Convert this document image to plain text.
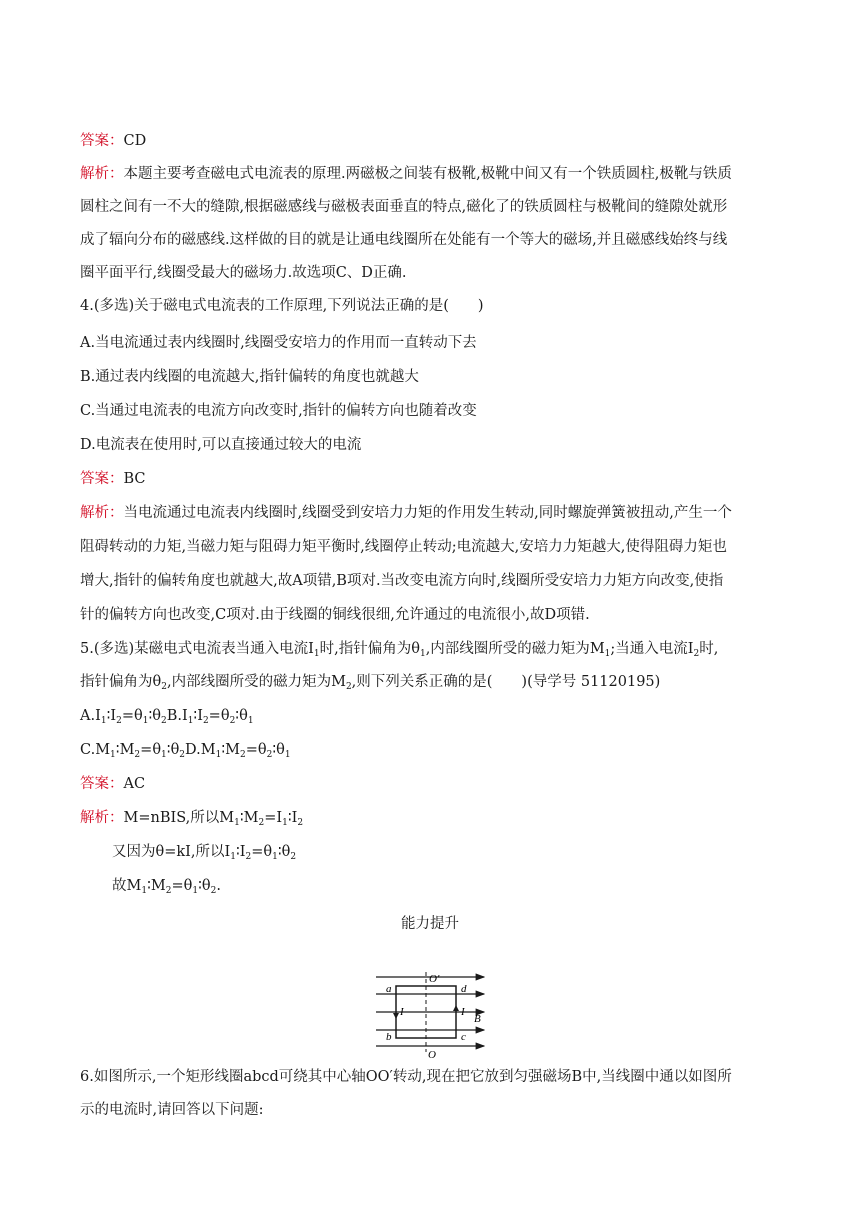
答案：CD
解析：本题主要考查磁电式电流表的原理.两磁极之间装有极靴,极靴中间又有一个铁质圆柱,极靴与铁质
圆柱之间有一不大的缝隙,根据磁感线与磁极表面垂直的特点,磁化了的铁质圆柱与极靴间的缝隙处就形
成了辐向分布的磁感线.这样做的目的就是让通电线圈所在处能有一个等大的磁场,并且磁感线始终与线
圈平面平行,线圈受最大的磁场力.故选项C、D正确.
4.(多选)关于磁电式电流表的工作原理,下列说法正确的是(　　)
A.当电流通过表内线圈时,线圈受安培力的作用而一直转动下去
B.通过表内线圈的电流越大,指针偏转的角度也就越大
C.当通过电流表的电流方向改变时,指针的偏转方向也随着改变
D.电流表在使用时,可以直接通过较大的电流
答案：BC
解析：当电流通过电流表内线圈时,线圈受到安培力力矩的作用发生转动,同时螺旋弹簧被扭动,产生一个
阻碍转动的力矩,当磁力矩与阻碍力矩平衡时,线圈停止转动;电流越大,安培力力矩越大,使得阻碍力矩也
增大,指针的偏转角度也就越大,故A项错,B项对.当改变电流方向时,线圈所受安培力力矩方向改变,使指
针的偏转方向也改变,C项对.由于线圈的铜线很细,允许通过的电流很小,故D项错.
5.(多选)某磁电式电流表当通入电流$I_1$时,指针偏角为$\theta_1$,内部线圈所受的磁力矩为$M_1$;当通入电流$I_2$时,
指针偏角为$\theta_2$,内部线圈所受的磁力矩为$M_2$,则下列关系正确的是(　　)(导学号 51120195)
$A.I_1∶I_2=\theta_1∶\theta_2B.I_1∶I_2=\theta_2∶\theta_1$
$C.M_1∶M_2=\theta_1∶\theta_2D.M_1∶M_2=\theta_2∶\theta_1$
答案：AC
解析：M=nBIS,所以$M_1∶M_2=I_1∶I_2$
又因为θ=kI,所以$I_1∶I_2=\theta_1∶\theta_2$
故$M_1∶M_2=\theta_1∶\theta_2$.
能力提升
a	d
b	c
O′
O
I	I
B
6.如图所示,一个矩形线圈abcd可绕其中心轴OO′转动,现在把它放到匀强磁场B中,当线圈中通以如图所
示的电流时,请回答以下问题:
